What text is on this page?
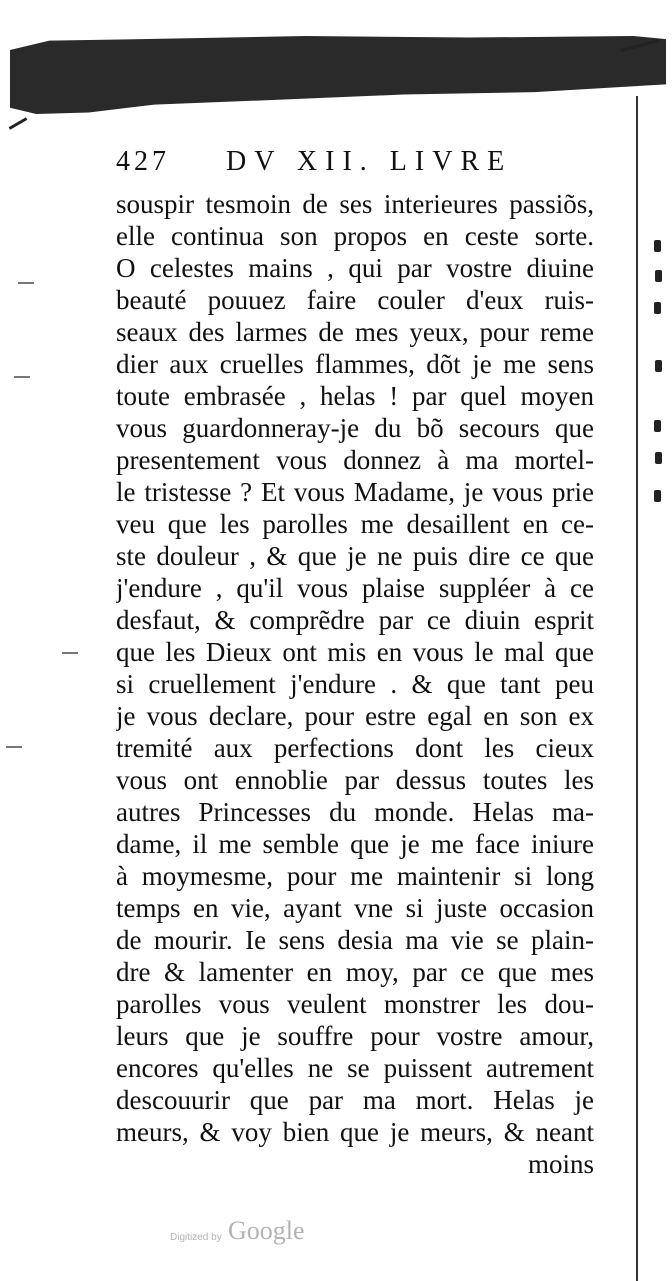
427 DV XII. LIVRE
souspir tesmoin de ses interieures passiõs,
elle continua son propos en ceste sorte.
O celestes mains , qui par vostre diuine
beauté pouuez faire couler d'eux ruis-
seaux des larmes de mes yeux, pour reme
dier aux cruelles flammes, dõt je me sens
toute embrasée , helas ! par quel moyen
vous guardonneray-je du bõ secours que
presentement vous donnez à ma mortel-
le tristesse ? Et vous Madame, je vous prie
veu que les parolles me desaillent en ce-
ste douleur , & que je ne puis dire ce que
j'endure , qu'il vous plaise suppléer à ce
desfaut, & comprẽdre par ce diuin esprit
que les Dieux ont mis en vous le mal que
si cruellement j'endure . & que tant peu
je vous declare, pour estre egal en son ex
tremité aux perfections dont les cieux
vous ont ennoblie par dessus toutes les
autres Princesses du monde. Helas ma-
dame, il me semble que je me face iniure
à moymesme, pour me maintenir si long
temps en vie, ayant vne si juste occasion
de mourir. Ie sens desia ma vie se plain-
dre & lamenter en moy, par ce que mes
parolles vous veulent monstrer les dou-
leurs que je souffre pour vostre amour,
encores qu'elles ne se puissent autrement
descouurir que par ma mort. Helas je
meurs, & voy bien que je meurs, & neant
moins
Digitized by Google
